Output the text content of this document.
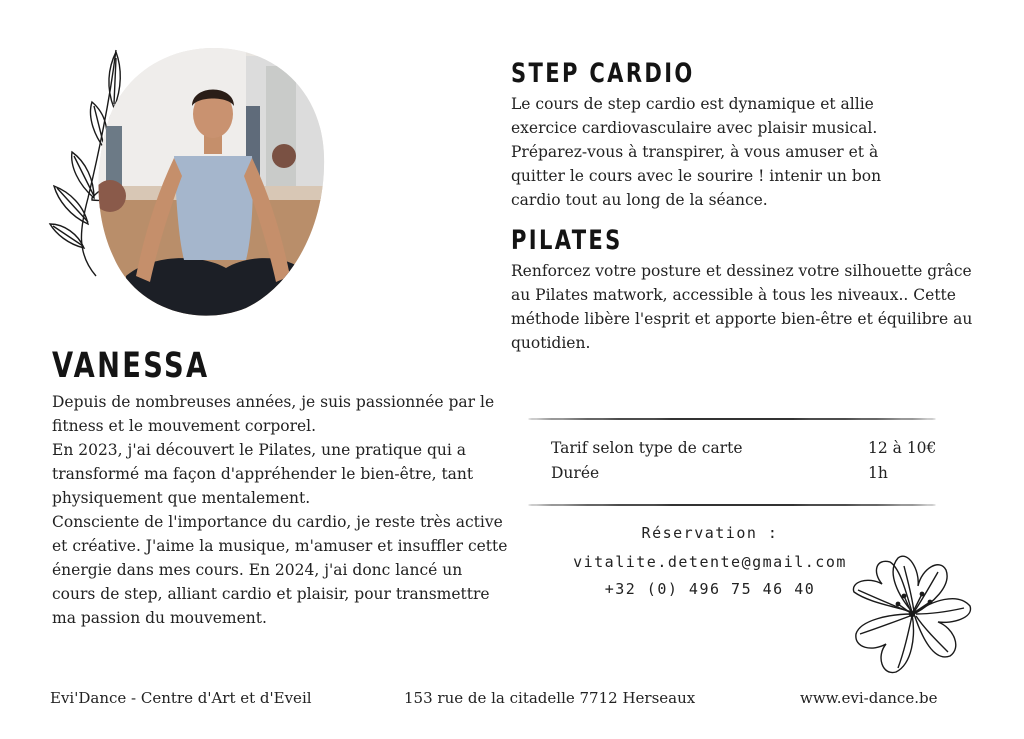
STEP CARDIO
Le cours de step cardio est dynamique et allie exercice cardiovasculaire avec plaisir musical. Préparez-vous à transpirer, à vous amuser et à quitter le cours avec le sourire ! intenir un bon cardio tout au long de la séance.
PILATES
Renforcez votre posture et dessinez votre silhouette grâce au Pilates matwork, accessible à tous les niveaux.. Cette méthode libère l'esprit et apporte bien-être et équilibre au quotidien.
VANESSA

Depuis de nombreuses années, je suis passionnée par le fitness et le mouvement corporel.

En 2023, j'ai découvert le Pilates, une pratique qui a transformé ma façon d'appréhender le bien-être, tant physiquement que mentalement.

Consciente de l'importance du cardio, je reste très active et créative. J'aime la musique, m'amuser et insuffler cette énergie dans mes cours. En 2024, j'ai donc lancé un cours de step, alliant cardio et plaisir, pour transmettre ma passion du mouvement.

Tarif selon type de carte	12 à 10€
Durée	1h
Réservation :
vitalite.detente@gmail.com
+32 (0) 496 75 46 40
Evi'Dance - Centre d'Art et d'Eveil	153 rue de la citadelle 7712 Herseaux	www.evi-dance.be
